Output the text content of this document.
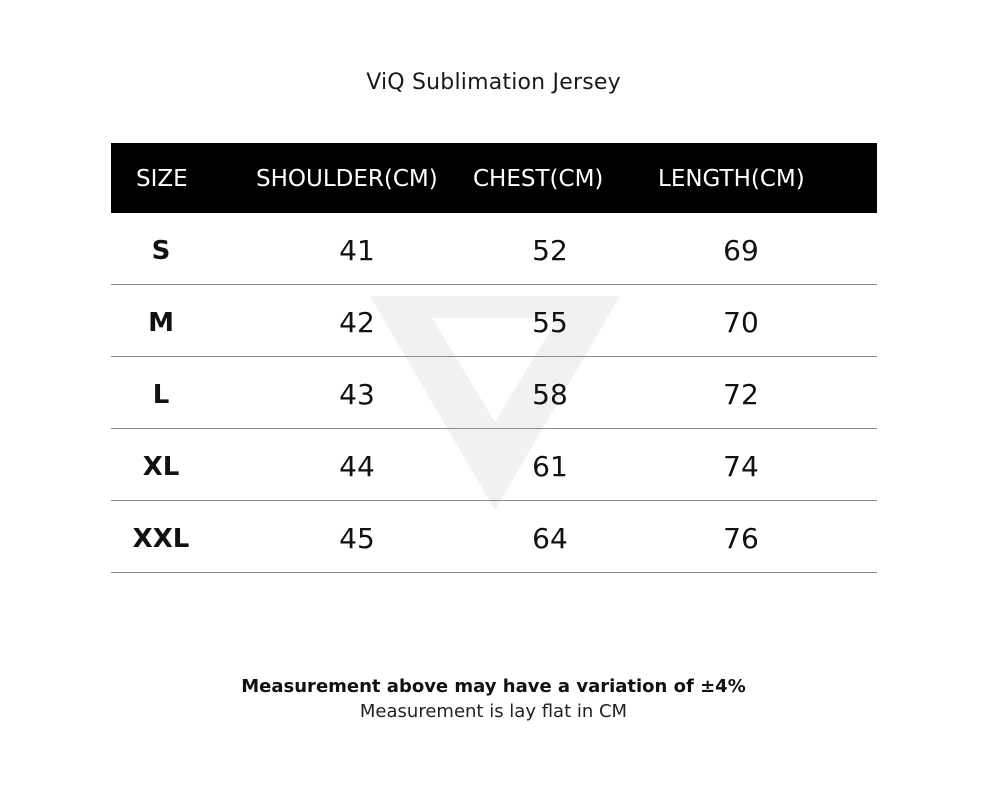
ViQ Sublimation Jersey
SIZE	SHOULDER(CM) CHEST(CM) LENGTH(CM)
S	41	52	69
M	42	55	70
L	43	58	72
XL	44	61	74
XXL	45	64	76
Measurement above may have a variation of ±4%
Measurement is lay flat in CM
